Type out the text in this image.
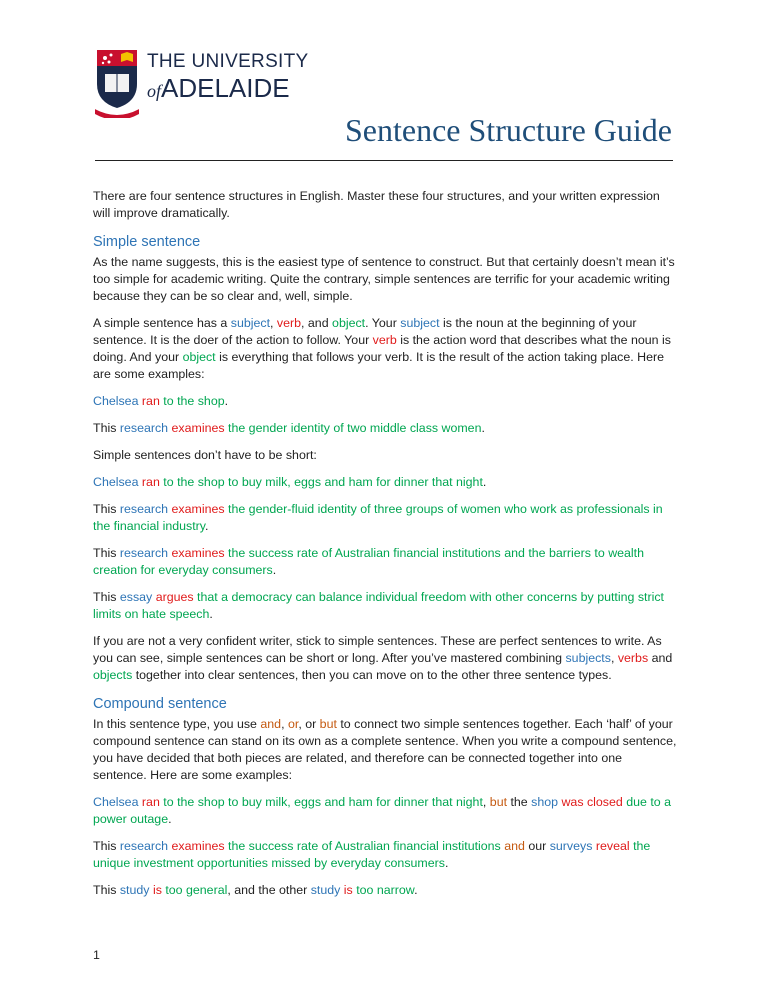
THE UNIVERSITY
ofADELAIDE
Sentence Structure Guide

There are four sentence structures in English. Master these four structures, and your written expression will improve dramatically.

Simple sentence

As the name suggests, this is the easiest type of sentence to construct. But that certainly doesn’t mean it’s too simple for academic writing. Quite the contrary, simple sentences are terrific for your academic writing because they can be so clear and, well, simple.

A simple sentence has a subject, verb, and object. Your subject is the noun at the beginning of your sentence. It is the doer of the action to follow. Your verb is the action word that describes what the noun is doing. And your object is everything that follows your verb. It is the result of the action taking place. Here are some examples:

Chelsea ran to the shop.

This research examines the gender identity of two middle class women.

Simple sentences don’t have to be short:

Chelsea ran to the shop to buy milk, eggs and ham for dinner that night.

This research examines the gender-fluid identity of three groups of women who work as professionals in the financial industry.

This research examines the success rate of Australian financial institutions and the barriers to wealth creation for everyday consumers.

This essay argues that a democracy can balance individual freedom with other concerns by putting strict limits on hate speech.

If you are not a very confident writer, stick to simple sentences. These are perfect sentences to write. As you can see, simple sentences can be short or long. After you’ve mastered combining subjects, verbs and objects together into clear sentences, then you can move on to the other three sentence types.

Compound sentence

In this sentence type, you use and, or, or but to connect two simple sentences together. Each ‘half’ of your compound sentence can stand on its own as a complete sentence. When you write a compound sentence, you have decided that both pieces are related, and therefore can be connected together into one sentence. Here are some examples:

Chelsea ran to the shop to buy milk, eggs and ham for dinner that night, but the shop was closed due to a power outage.

This research examines the success rate of Australian financial institutions and our surveys reveal the unique investment opportunities missed by everyday consumers.

This study is too general, and the other study is too narrow.

1
